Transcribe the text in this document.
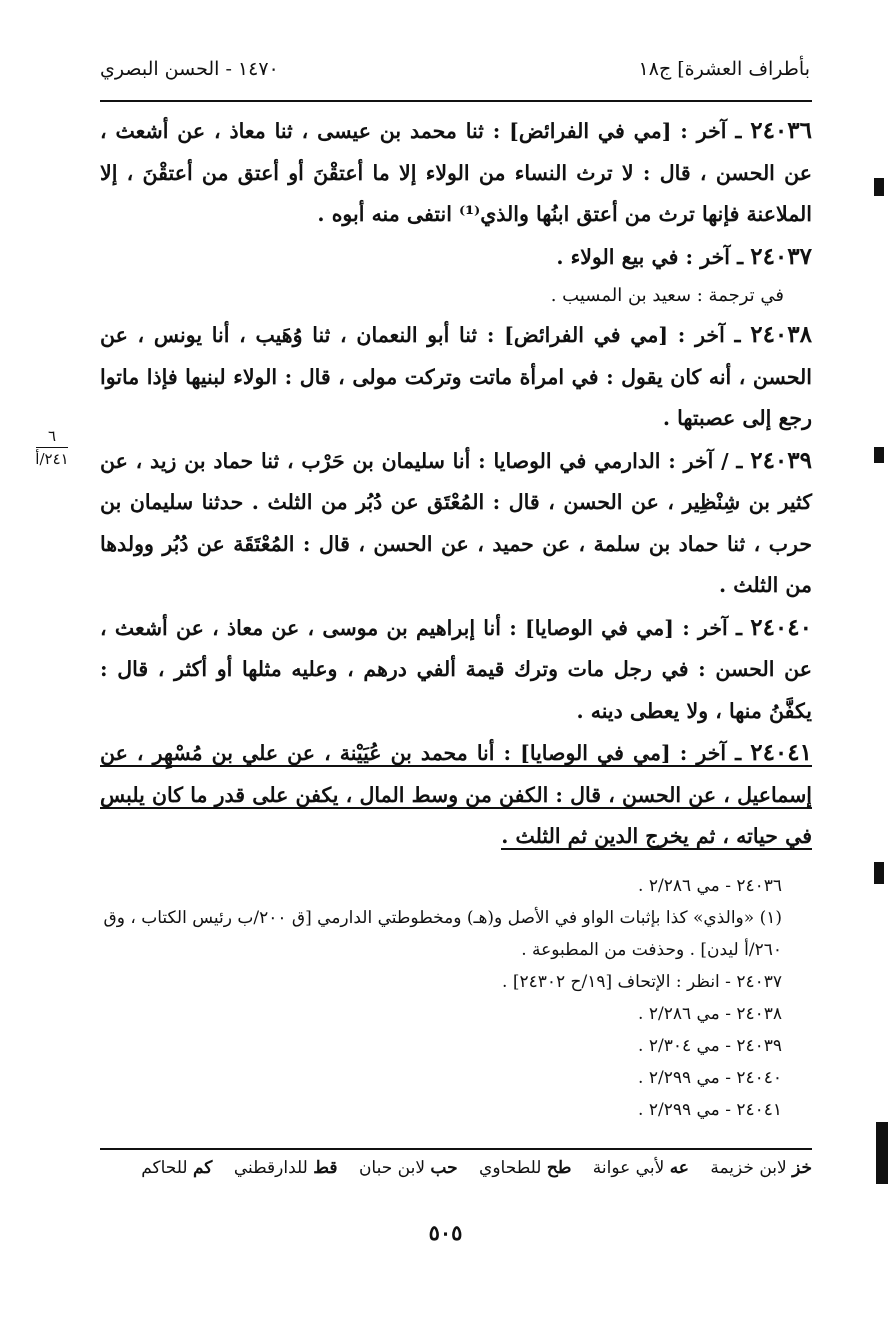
بأطراف العشرة] ج١٨
١٤٧٠ - الحسن البصري

٢٤٠٣٦ ـ آخر : [مي في الفرائض] : ثنا محمد بن عيسى ، ثنا معاذ ، عن أشعث ، عن الحسن ، قال : لا ترث النساء من الولاء إلا ما أعتقْنَ أو أعتق من أعتقْنَ ، إلا الملاعنة فإنها ترث من أعتق ابنُها والذي⁽¹⁾ انتفى منه أبوه .

٢٤٠٣٧ ـ آخر : في بيع الولاء .

في ترجمة : سعيد بن المسيب .

٢٤٠٣٨ ـ آخر : [مي في الفرائض] : ثنا أبو النعمان ، ثنا وُهَيب ، أنا يونس ، عن الحسن ، أنه كان يقول : في امرأة ماتت وتركت مولى ، قال : الولاء لبنيها فإذا ماتوا رجع إلى عصبتها .

٢٤٠٣٩ ـ / آخر : الدارمي في الوصايا : أنا سليمان بن حَرْب ، ثنا حماد بن زيد ، عن كثير بن شِنْظِير ، عن الحسن ، قال : المُعْتَق عن دُبُر من الثلث . حدثنا سليمان بن حرب ، ثنا حماد بن سلمة ، عن حميد ، عن الحسن ، قال : المُعْتَقَة عن دُبُر وولدها من الثلث .

٢٤٠٤٠ ـ آخر : [مي في الوصايا] : أنا إبراهيم بن موسى ، عن معاذ ، عن أشعث ، عن الحسن : في رجل مات وترك قيمة ألفي درهم ، وعليه مثلها أو أكثر ، قال : يكفَّنُ منها ، ولا يعطى دينه .

٢٤٠٤١ ـ آخر : [مي في الوصايا] : أنا محمد بن عُيَيْنة ، عن علي بن مُسْهِر ، عن إسماعيل ، عن الحسن ، قال : الكفن من وسط المال ، يكفن على قدر ما كان يلبس في حياته ، ثم يخرج الدين ثم الثلث .

٦
٢٤١/أ

٢٤٠٣٦ - مي ٢/٢٨٦ .

(١) «والذي» كذا بإثبات الواو في الأصل و(هـ) ومخطوطتي الدارمي [ق ٢٠٠/ب رئيس الكتاب ، وق ٢٦٠/أ ليدن] . وحذفت من المطبوعة .

٢٤٠٣٧ - انظر : الإتحاف [١٩/ح ٢٤٣٠٢] .

٢٤٠٣٨ - مي ٢/٢٨٦ .

٢٤٠٣٩ - مي ٢/٣٠٤ .

٢٤٠٤٠ - مي ٢/٢٩٩ .

٢٤٠٤١ - مي ٢/٢٩٩ .

خز لابن خزيمة عه لأبي عوانة طح للطحاوي حب لابن حبان قط للدارقطني كم للحاكم
٥٠٥
